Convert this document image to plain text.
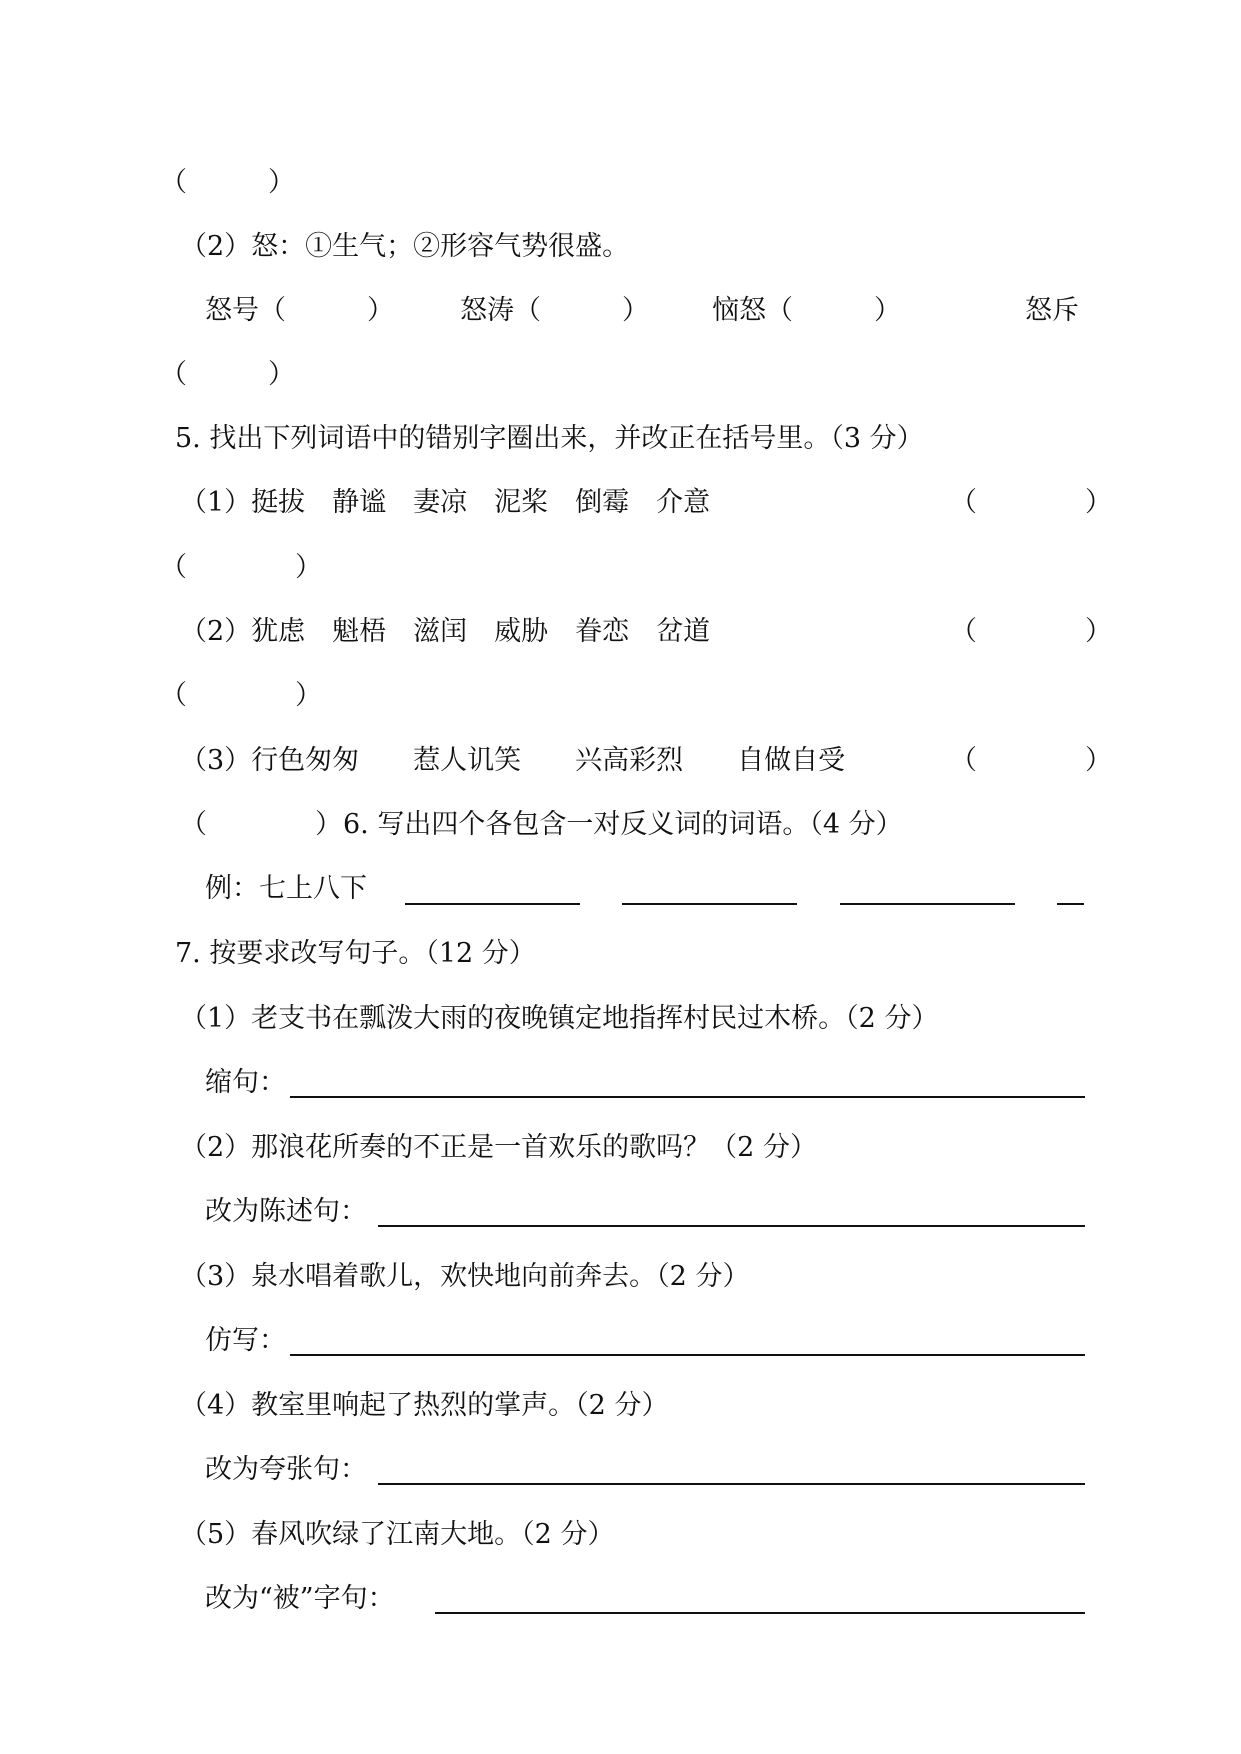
（　　　）
（2）怒：①生气；②形容气势很盛。
怒号（　　　） 怒涛（　　　） 恼怒（　　　）	怒斥
（　　　）
5. 找出下列词语中的错别字圈出来，并改正在括号里。（3 分）
（1）挺拔　静谧　妻凉　泥桨　倒霉　介意	（　　　　）
（　　　　）
（2）犹虑　魁梧　滋闰　威胁　眷恋　岔道	（　　　　）
（　　　　）
（3）行色匆匆　　惹人讥笑　　兴高彩烈　　自做自受	（　　　　）
（　　　　） 6. 写出四个各包含一对反义词的词语。（4 分）
例：七上八下
7. 按要求改写句子。（12 分）
（1）老支书在瓢泼大雨的夜晚镇定地指挥村民过木桥。（2 分）
缩句：
（2）那浪花所奏的不正是一首欢乐的歌吗？（2 分）
改为陈述句：
（3）泉水唱着歌儿，欢快地向前奔去。（2 分）
仿写：
（4）教室里响起了热烈的掌声。（2 分）
改为夸张句：
（5）春风吹绿了江南大地。（2 分）
改为“被”字句：
